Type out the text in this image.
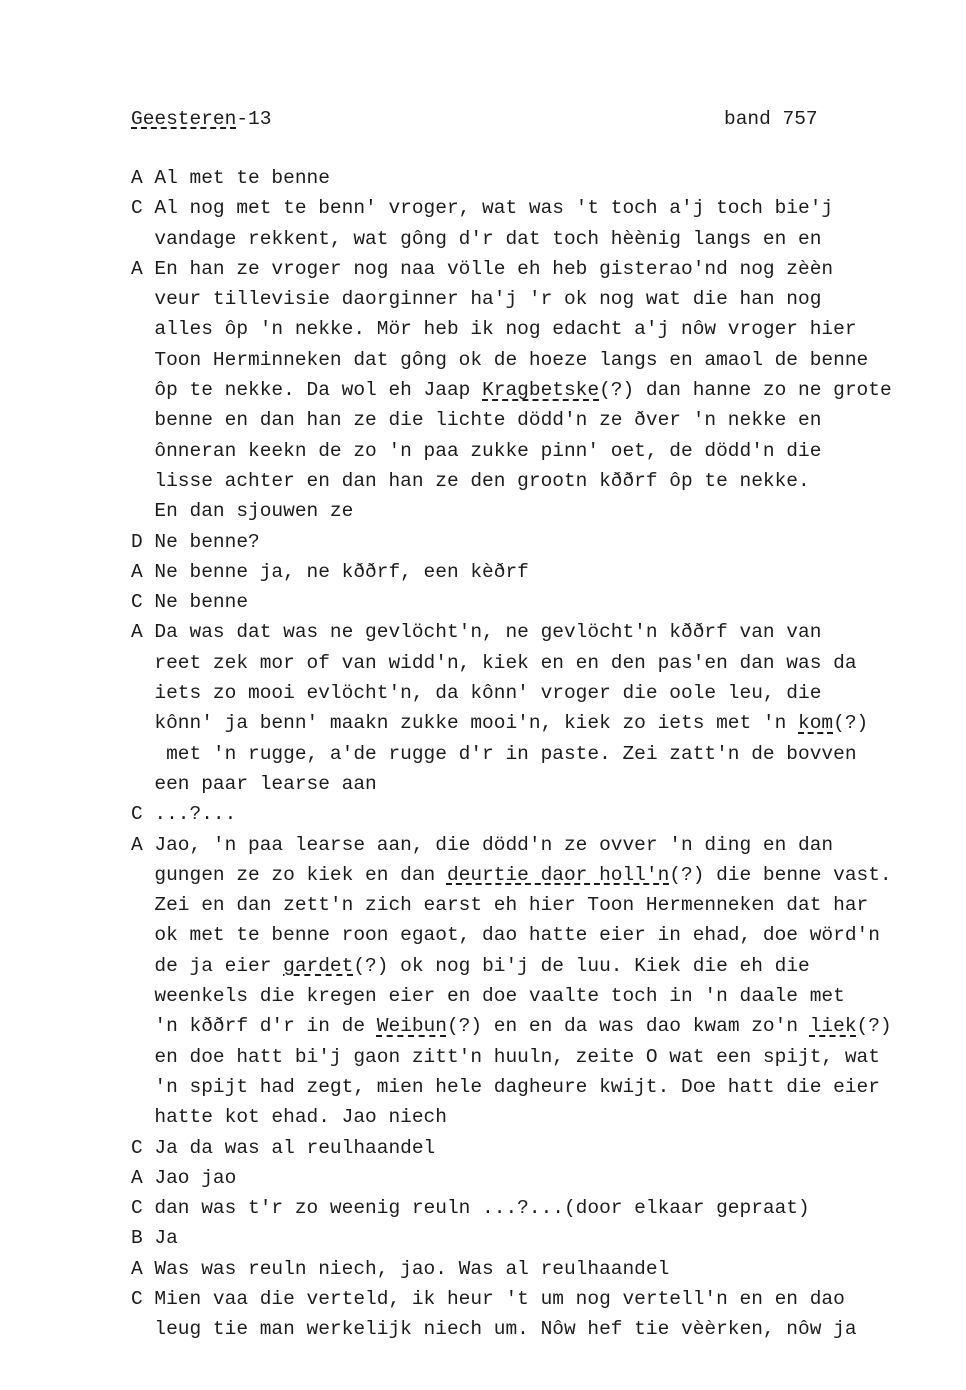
Geesteren-13	band 757
A Al met te benne
C Al nog met te benn' vroger, wat was 't toch a'j toch bie'j
vandage rekkent, wat gông d'r dat toch hèènig langs en en
A En han ze vroger nog naa völle eh heb gisterao'nd nog zèèn
veur tillevisie daorginner ha'j 'r ok nog wat die han nog
alles ôp 'n nekke. Mör heb ik nog edacht a'j nôw vroger hier
Toon Herminneken dat gông ok de hoeze langs en amaol de benne
ôp te nekke. Da wol eh Jaap Kragbetske(?) dan hanne zo ne grote
benne en dan han ze die lichte dödd'n ze ðver 'n nekke en
ônneran keekn de zo 'n paa zukke pinn' oet, de dödd'n die
lisse achter en dan han ze den grootn kððrf ôp te nekke.
En dan sjouwen ze
D Ne benne?
A Ne benne ja, ne kððrf, een kèðrf
C Ne benne
A Da was dat was ne gevlöcht'n, ne gevlöcht'n kððrf van van
reet zek mor of van widd'n, kiek en en den pas'en dan was da
iets zo mooi evlöcht'n, da kônn' vroger die oole leu, die
kônn' ja benn' maakn zukke mooi'n, kiek zo iets met 'n kom(?)
met 'n rugge, a'de rugge d'r in paste. Zei zatt'n de bovven
een paar learse aan
C ...?...
A Jao, 'n paa learse aan, die dödd'n ze ovver 'n ding en dan
gungen ze zo kiek en dan deurtie daor holl'n(?) die benne vast.
Zei en dan zett'n zich earst eh hier Toon Hermenneken dat har
ok met te benne roon egaot, dao hatte eier in ehad, doe wörd'n
de ja eier gardet(?) ok nog bi'j de luu. Kiek die eh die
weenkels die kregen eier en doe vaalte toch in 'n daale met
'n kððrf d'r in de Weibun(?) en en da was dao kwam zo'n liek(?)
en doe hatt bi'j gaon zitt'n huuln, zeite O wat een spijt, wat
'n spijt had zegt, mien hele dagheure kwijt. Doe hatt die eier
hatte kot ehad. Jao niech
C Ja da was al reulhaandel
A Jao jao
C dan was t'r zo weenig reuln ...?...(door elkaar gepraat)
B Ja
A Was was reuln niech, jao. Was al reulhaandel
C Mien vaa die verteld, ik heur 't um nog vertell'n en en dao
leug tie man werkelijk niech um. Nôw hef tie vèèrken, nôw ja
